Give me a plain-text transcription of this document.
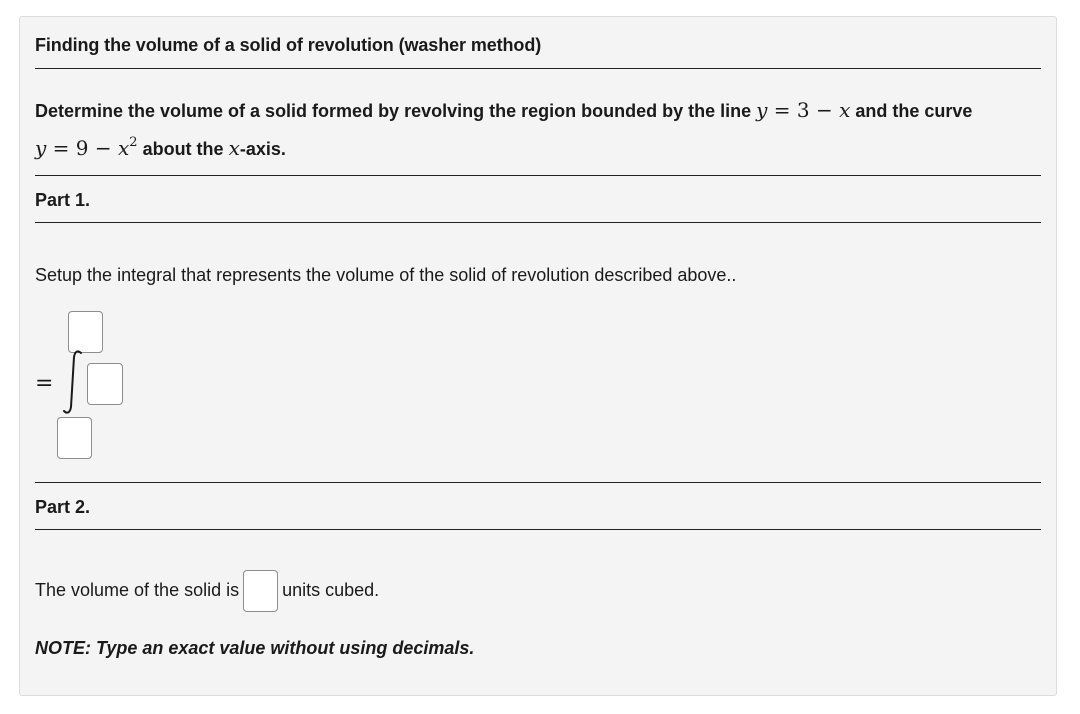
Finding the volume of a solid of revolution (washer method)
Determine the volume of a solid formed by revolving the region bounded by the line y = 3 − x and the curve
$y = 9 - x^2$ about the x-axis.
Part 1.
Setup the integral that represents the volume of the solid of revolution described above..
=
Part 2.
The volume of the solid is units cubed.
NOTE: Type an exact value without using decimals.
